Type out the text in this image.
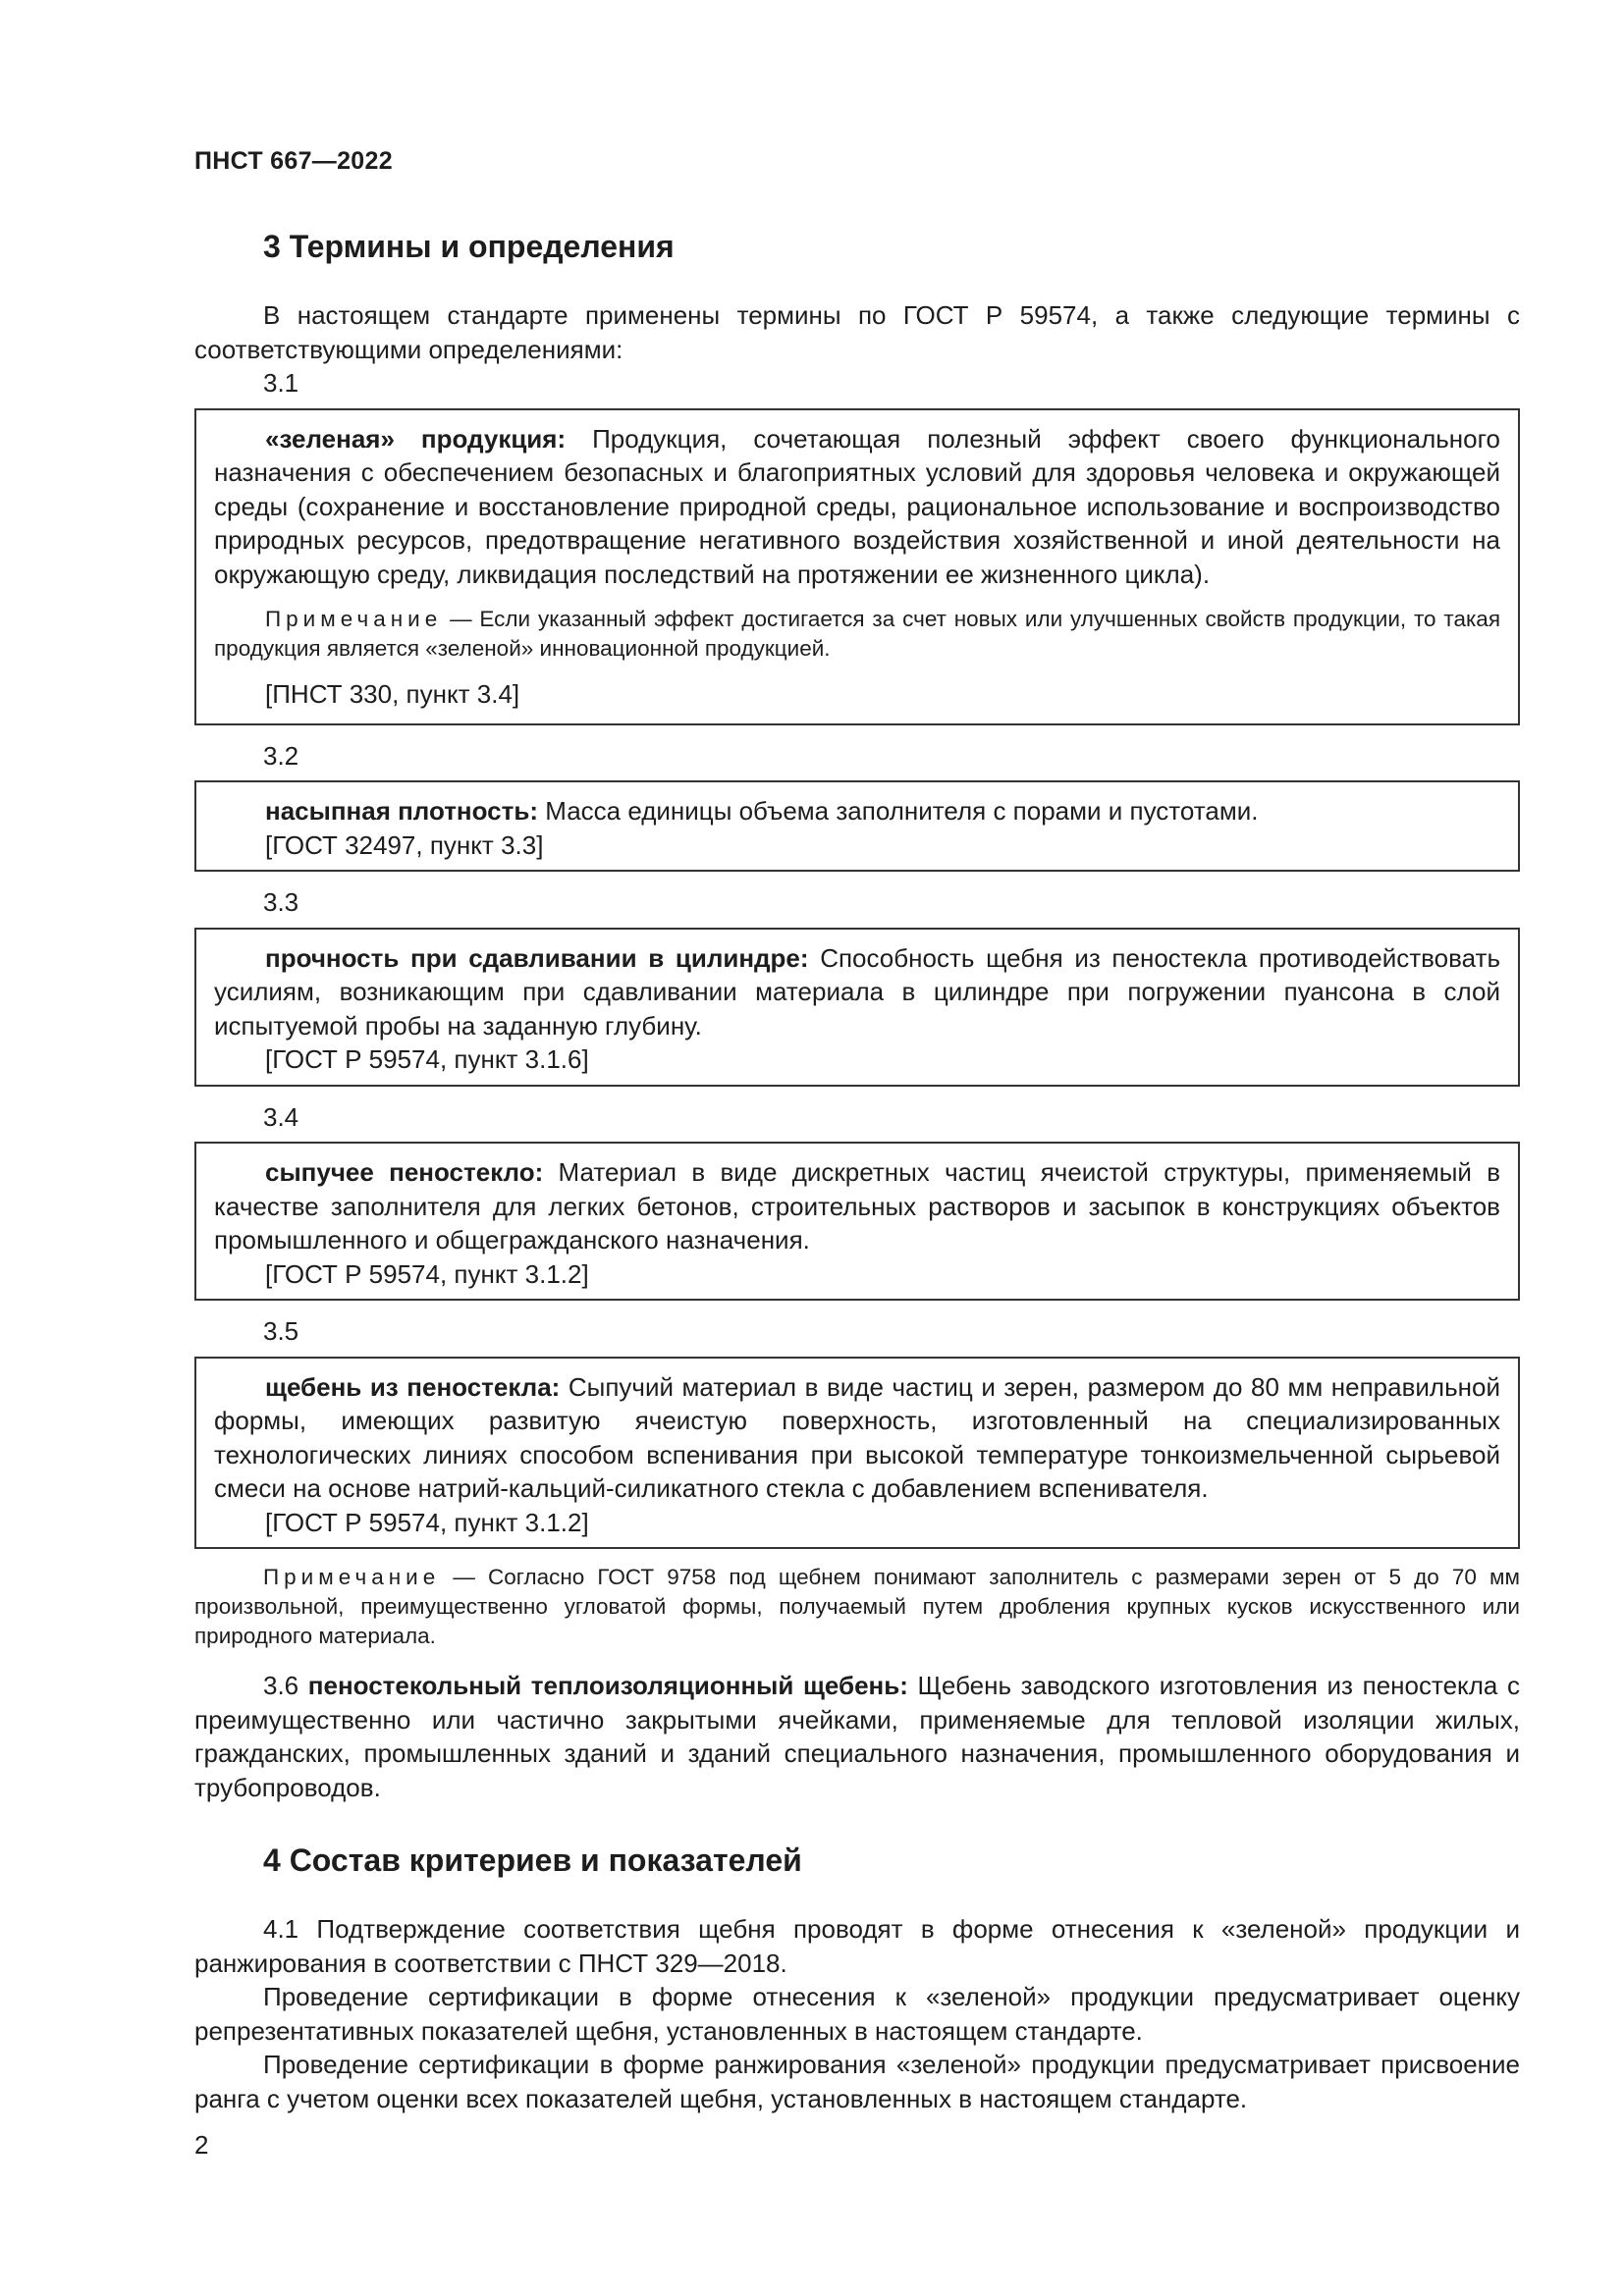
ПНСТ 667—2022
3 Термины и определения

В настоящем стандарте применены термины по ГОСТ Р 59574, а также следующие термины с соответствующими определениями:

3.1

«зеленая» продукция: Продукция, сочетающая полезный эффект своего функционального назначения с обеспечением безопасных и благоприятных условий для здоровья человека и окружающей среды (сохранение и восстановление природной среды, рациональное использование и воспроизводство природных ресурсов, предотвращение негативного воздействия хозяйственной и иной деятельности на окружающую среду, ликвидация последствий на протяжении ее жизненного цикла).

Примечание — Если указанный эффект достигается за счет новых или улучшенных свойств продукции, то такая продукция является «зеленой» инновационной продукцией.

[ПНСТ 330, пункт 3.4]

3.2

насыпная плотность: Масса единицы объема заполнителя с порами и пустотами.

[ГОСТ 32497, пункт 3.3]

3.3

прочность при сдавливании в цилиндре: Способность щебня из пеностекла противодействовать усилиям, возникающим при сдавливании материала в цилиндре при погружении пуансона в слой испытуемой пробы на заданную глубину.

[ГОСТ Р 59574, пункт 3.1.6]

3.4

сыпучее пеностекло: Материал в виде дискретных частиц ячеистой структуры, применяемый в качестве заполнителя для легких бетонов, строительных растворов и засыпок в конструкциях объектов промышленного и общегражданского назначения.

[ГОСТ Р 59574, пункт 3.1.2]

3.5

щебень из пеностекла: Сыпучий материал в виде частиц и зерен, размером до 80 мм неправильной формы, имеющих развитую ячеистую поверхность, изготовленный на специализированных технологических линиях способом вспенивания при высокой температуре тонкоизмельченной сырьевой смеси на основе натрий-кальций-силикатного стекла с добавлением вспенивателя.

[ГОСТ Р 59574, пункт 3.1.2]

Примечание — Согласно ГОСТ 9758 под щебнем понимают заполнитель с размерами зерен от 5 до 70 мм произвольной, преимущественно угловатой формы, получаемый путем дробления крупных кусков искусственного или природного материала.

3.6 пеностекольный теплоизоляционный щебень: Щебень заводского изготовления из пеностекла с преимущественно или частично закрытыми ячейками, применяемые для тепловой изоляции жилых, гражданских, промышленных зданий и зданий специального назначения, промышленного оборудования и трубопроводов.

4 Состав критериев и показателей

4.1 Подтверждение соответствия щебня проводят в форме отнесения к «зеленой» продукции и ранжирования в соответствии с ПНСТ 329—2018.

Проведение сертификации в форме отнесения к «зеленой» продукции предусматривает оценку репрезентативных показателей щебня, установленных в настоящем стандарте.

Проведение сертификации в форме ранжирования «зеленой» продукции предусматривает присвоение ранга с учетом оценки всех показателей щебня, установленных в настоящем стандарте.

2
